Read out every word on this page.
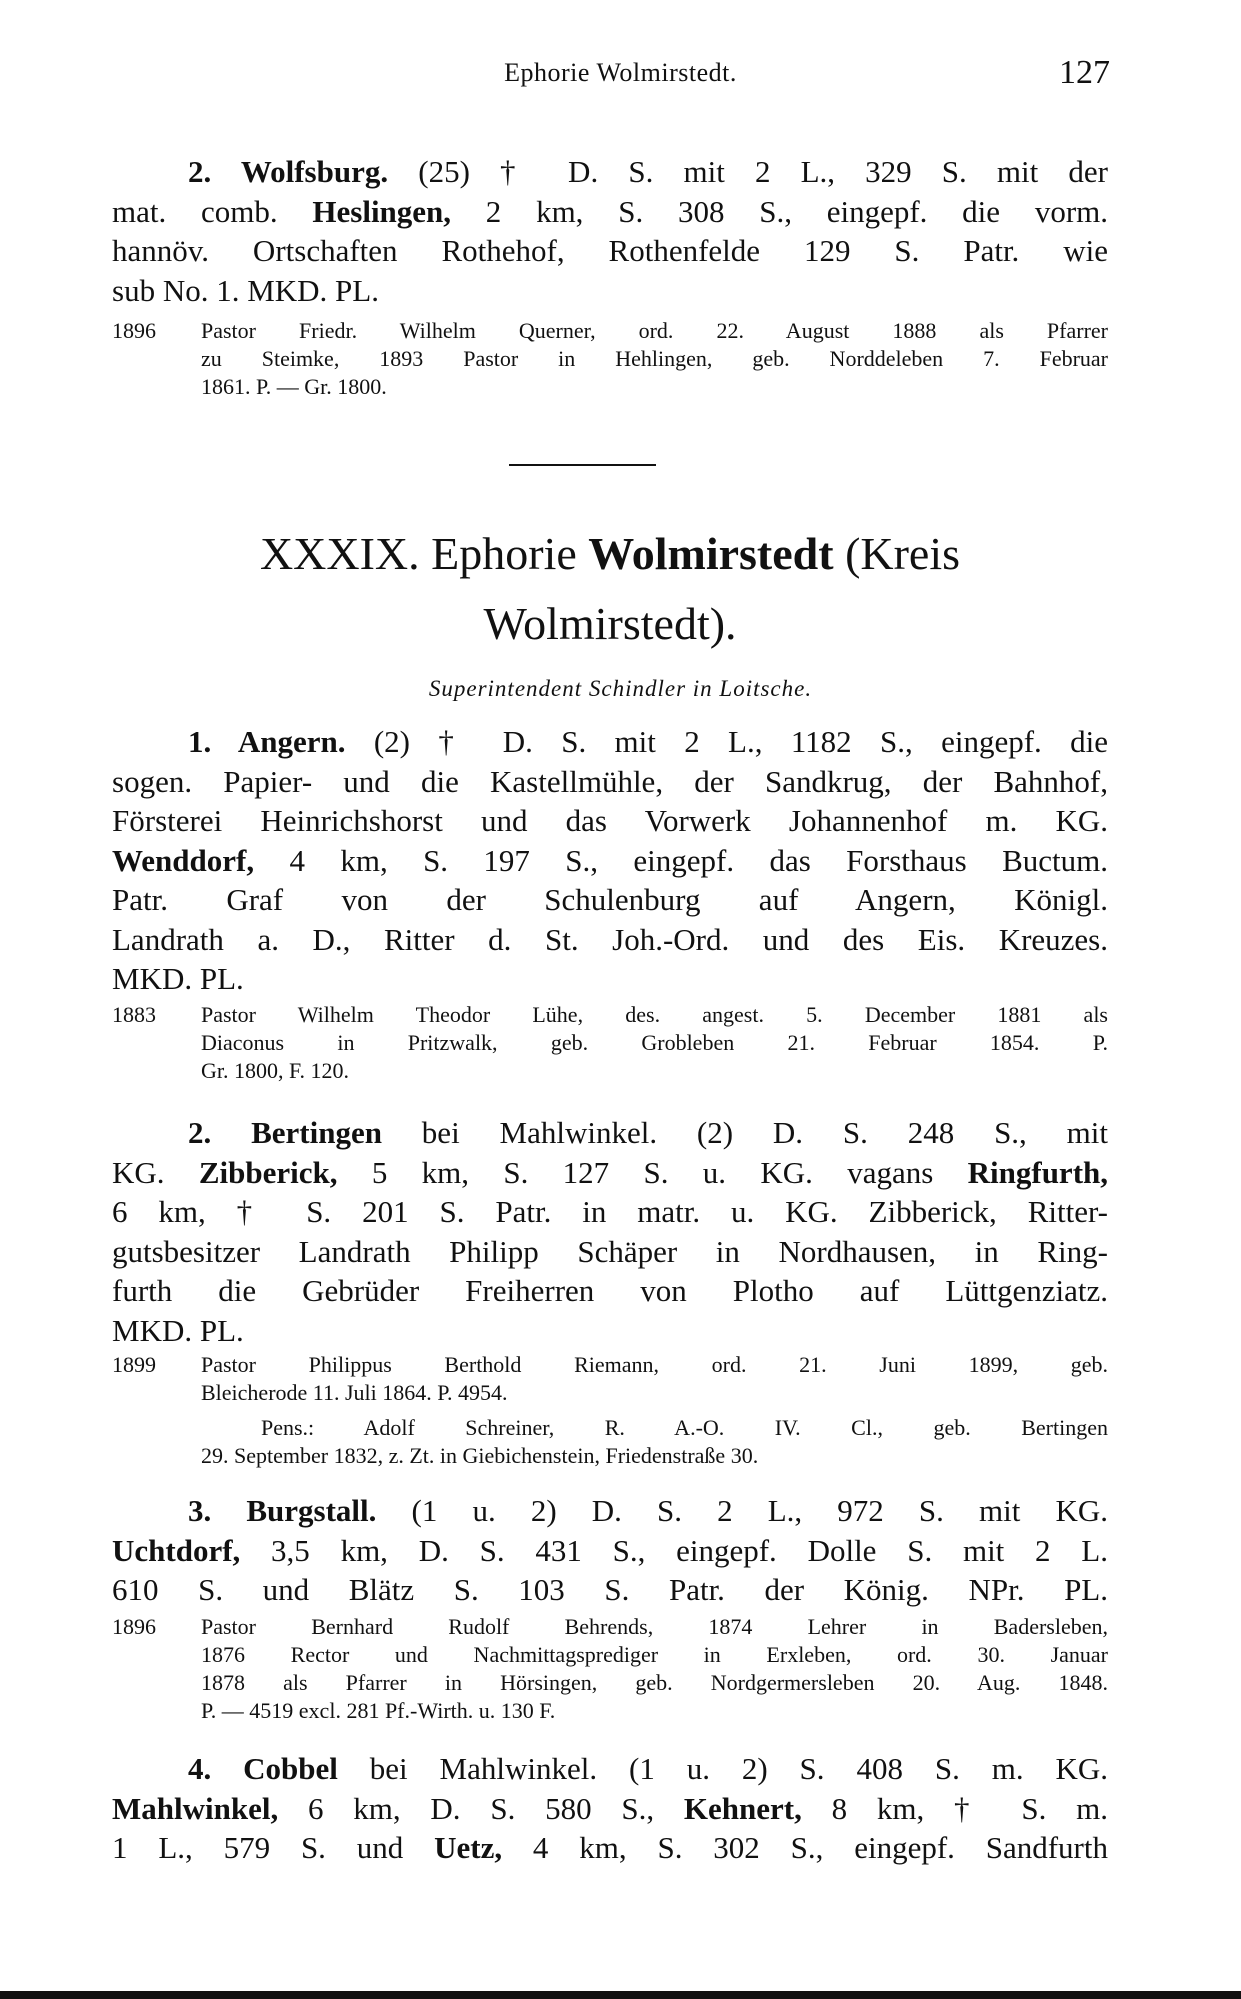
Ephorie Wolmirstedt.	127
XXXIX. Ephorie Wolmirstedt (Kreis
Wolmirstedt).
Superintendent Schindler in Loitsche.
2. Wolfsburg. (25) † D. S. mit 2 L., 329 S. mit der
mat. comb. Heslingen, 2 km, S. 308 S., eingepf. die vorm.
hannöv. Ortschaften Rothehof, Rothenfelde 129 S. Patr. wie
sub No. 1. MKD. PL.
1. Angern. (2) † D. S. mit 2 L., 1182 S., eingepf. die
sogen. Papier- und die Kastellmühle, der Sandkrug, der Bahnhof,
Försterei Heinrichshorst und das Vorwerk Johannenhof m. KG.
Wenddorf, 4 km, S. 197 S., eingepf. das Forsthaus Buctum.
Patr. Graf von der Schulenburg auf Angern, Königl.
Landrath a. D., Ritter d. St. Joh.-Ord. und des Eis. Kreuzes.
MKD. PL.
2. Bertingen bei Mahlwinkel. (2) D. S. 248 S., mit
KG. Zibberick, 5 km, S. 127 S. u. KG. vagans Ringfurth,
6 km, † S. 201 S. Patr. in matr. u. KG. Zibberick, Ritter-
gutsbesitzer Landrath Philipp Schäper in Nordhausen, in Ring-
furth die Gebrüder Freiherren von Plotho auf Lüttgenziatz.
MKD. PL.
3. Burgstall. (1 u. 2) D. S. 2 L., 972 S. mit KG.
Uchtdorf, 3,5 km, D. S. 431 S., eingepf. Dolle S. mit 2 L.
610 S. und Blätz S. 103 S. Patr. der König. NPr. PL.
4. Cobbel bei Mahlwinkel. (1 u. 2) S. 408 S. m. KG.
Mahlwinkel, 6 km, D. S. 580 S., Kehnert, 8 km, † S. m.
1 L., 579 S. und Uetz, 4 km, S. 302 S., eingepf. Sandfurth
1896 Pastor Friedr. Wilhelm Querner, ord. 22. August 1888 als Pfarrer
zu Steimke, 1893 Pastor in Hehlingen, geb. Norddeleben 7. Februar
1861. P. — Gr. 1800.
1883 Pastor Wilhelm Theodor Lühe, des. angest. 5. December 1881 als
Diaconus in Pritzwalk, geb. Grobleben 21. Februar 1854. P.
Gr. 1800, F. 120.
1899 Pastor Philippus Berthold Riemann, ord. 21. Juni 1899, geb.
Bleicherode 11. Juli 1864. P. 4954.
Pens.: Adolf Schreiner, R. A.-O. IV. Cl., geb. Bertingen
29. September 1832, z. Zt. in Giebichenstein, Friedenstraße 30.
1896 Pastor Bernhard Rudolf Behrends, 1874 Lehrer in Badersleben,
1876 Rector und Nachmittagsprediger in Erxleben, ord. 30. Januar
1878 als Pfarrer in Hörsingen, geb. Nordgermersleben 20. Aug. 1848.
P. — 4519 excl. 281 Pf.-Wirth. u. 130 F.
